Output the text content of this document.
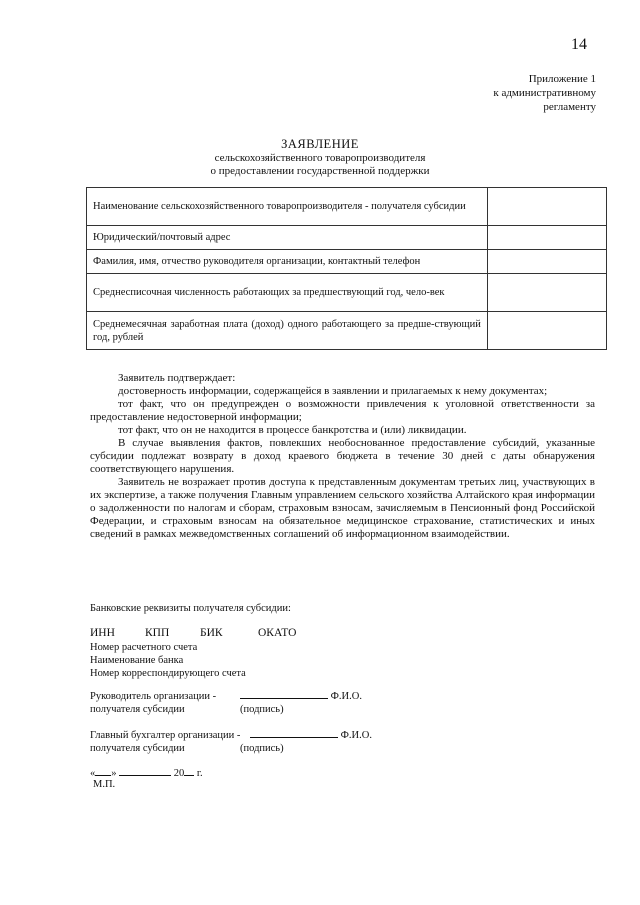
14
Приложение 1
к административному
регламенту
ЗАЯВЛЕНИЕ
сельскохозяйственного товаропроизводителя
о предоставлении государственной поддержки
Наименование сельскохозяйственного товаропроизводителя - получателя субсидии	
Юридический/почтовый адрес	
Фамилия, имя, отчество руководителя организации, контактный телефон	
Среднесписочная численность работающих за предшествующий год, чело-век	
Среднемесячная заработная плата (доход) одного работающего за предше-ствующий год, рублей	

Заявитель подтверждает:

достоверность информации, содержащейся в заявлении и прилагаемых к нему документах;

тот факт, что он предупрежден о возможности привлечения к уголовной ответственности за предоставление недостоверной информации;

тот факт, что он не находится в процессе банкротства и (или) ликвидации.

В случае выявления фактов, повлекших необоснованное предоставление субсидий, указанные субсидии подлежат возврату в доход краевого бюджета в течение 30 дней с даты обнаружения соответствующего нарушения.

Заявитель не возражает против доступа к представленным документам третьих лиц, участвующих в их экспертизе, а также получения Главным управлением сельского хозяйства Алтайского края информации о задолженности по налогам и сборам, страховым взносам, зачисляемым в Пенсионный фонд Российской Федерации, и страховым взносам на обязательное медицинское страхование, статистических и иных сведений в рамках межведомственных соглашений об информационном взаимодействии.

Банковские реквизиты получателя субсидии:
ИНН	КПП	БИК	ОКАТО
Номер расчетного счета
Наименование банка
Номер корреспондирующего счета
Руководитель организации -	Ф.И.О.
получателя субсидии	(подпись)
Главный бухгалтер организации -	Ф.И.О.
получателя субсидии	(подпись)
« »	20 г.
М.П.
